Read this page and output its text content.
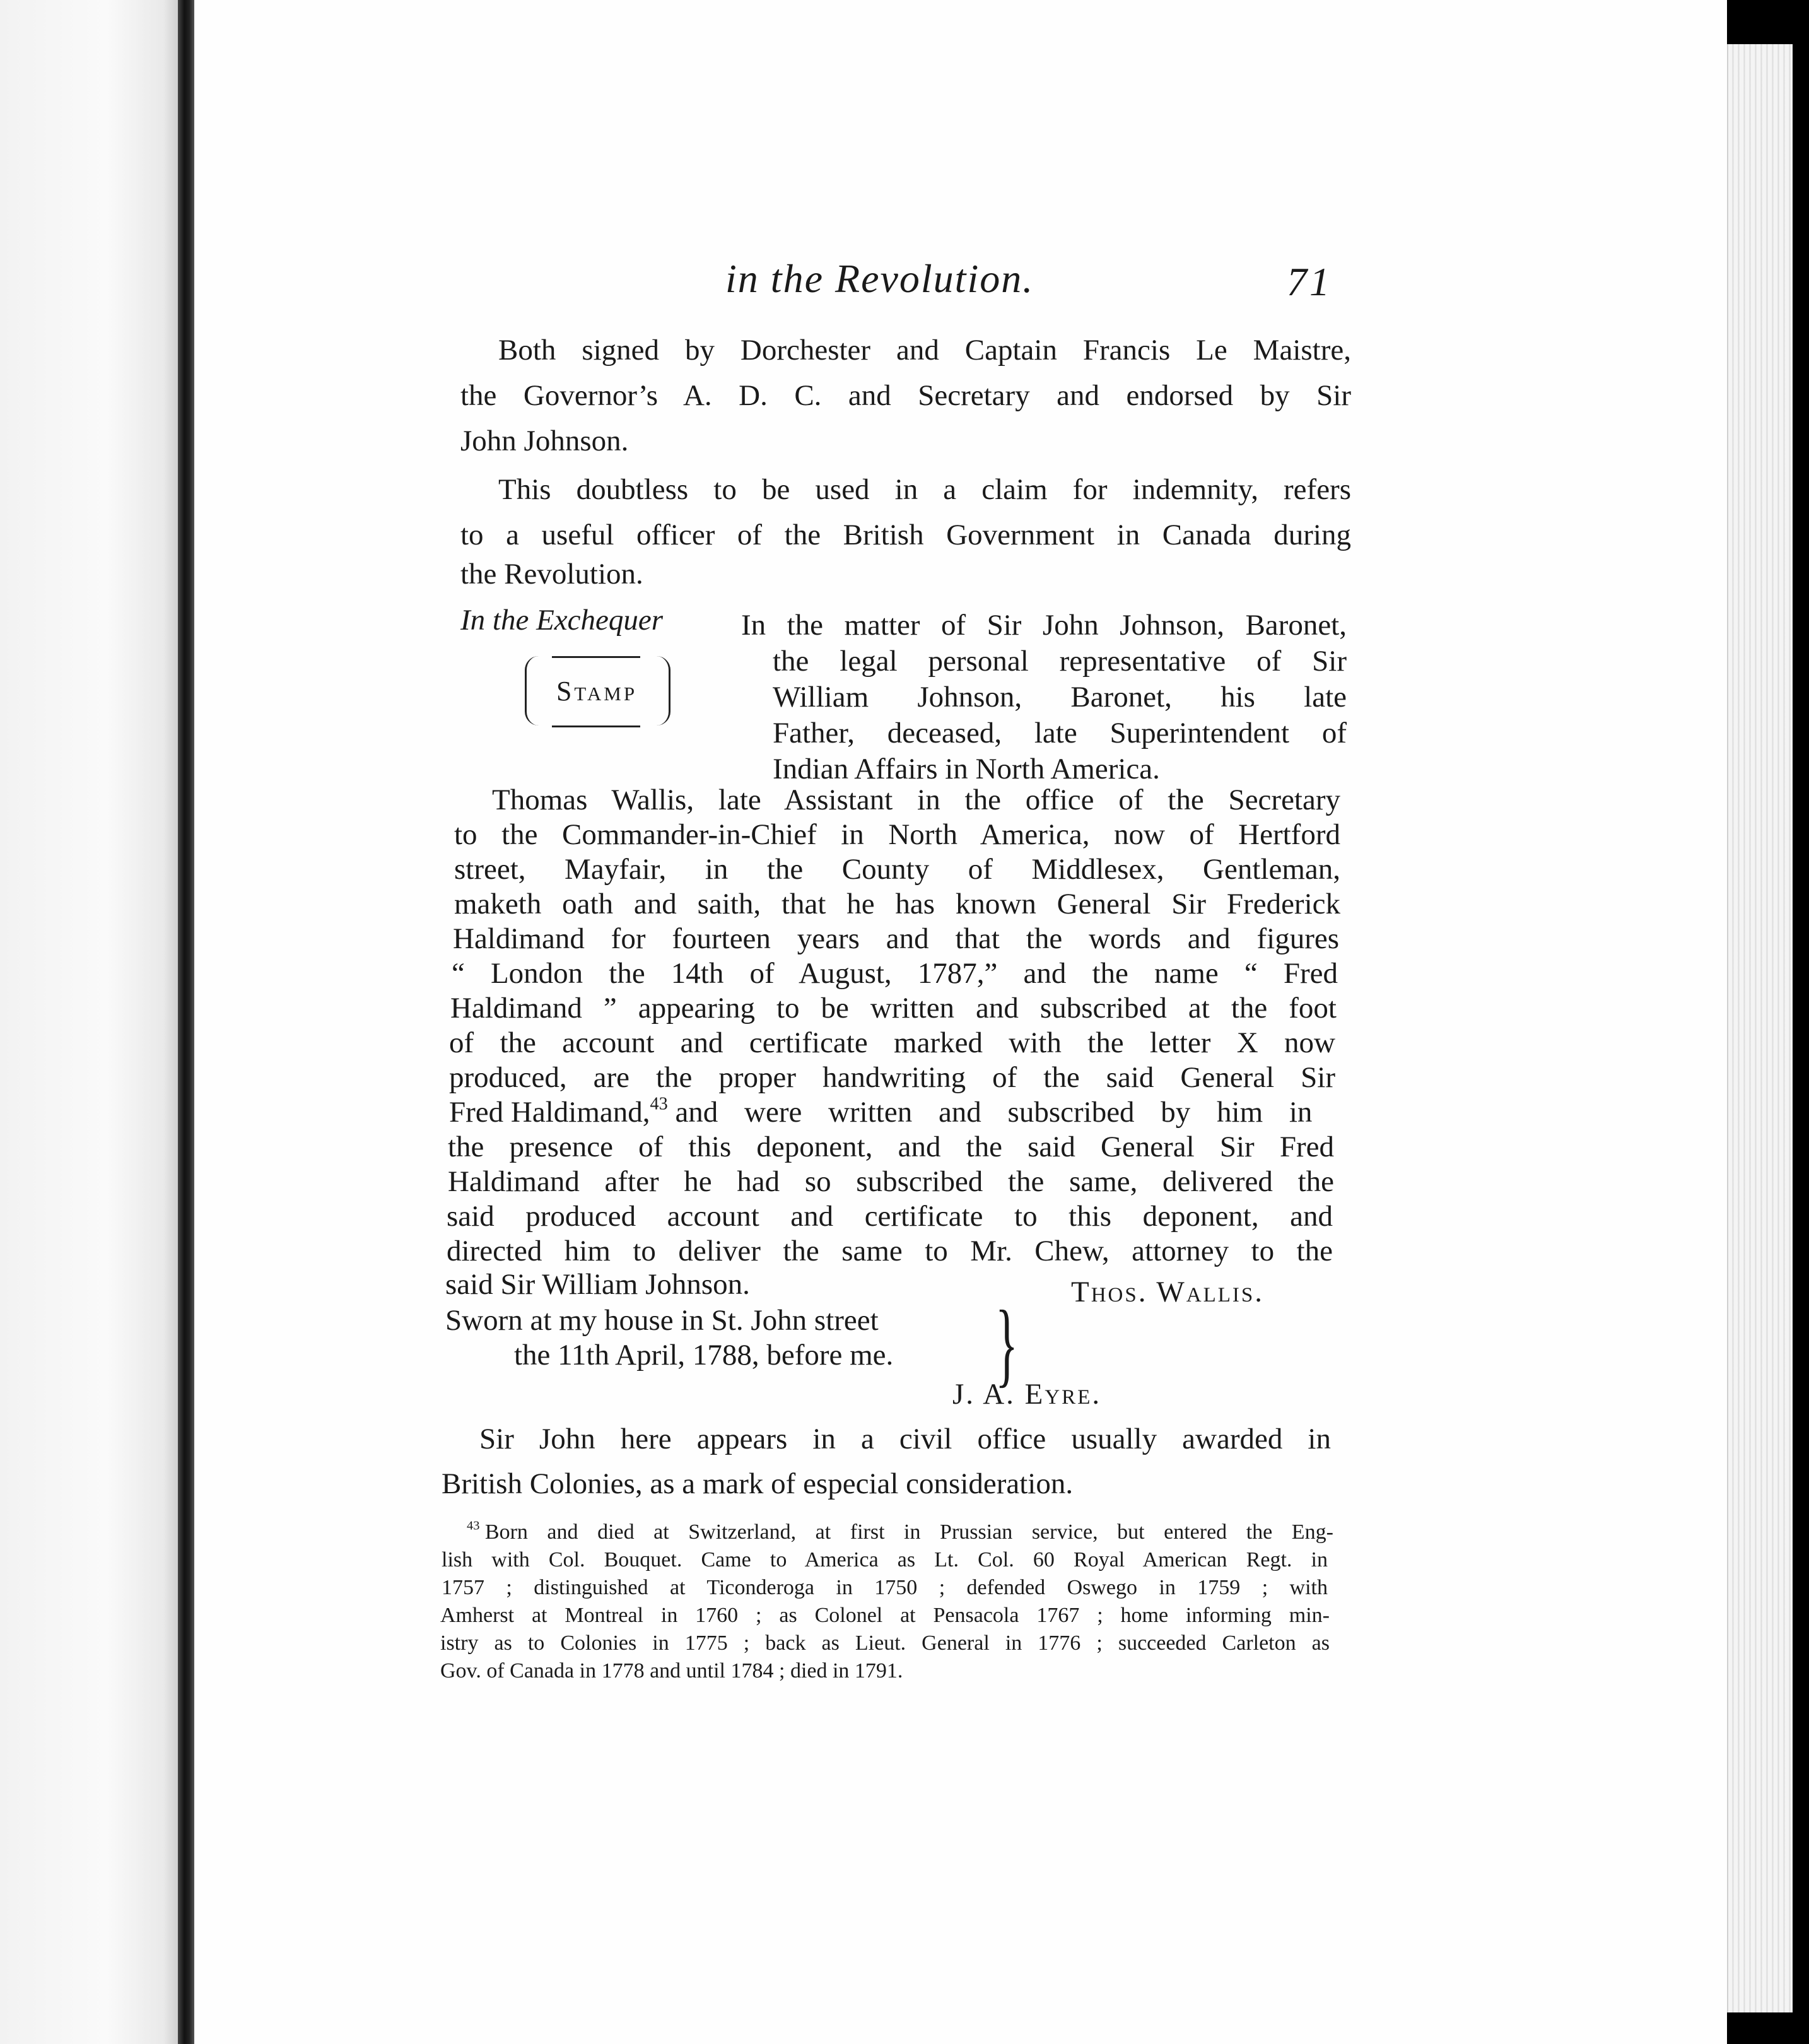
in the Revolution.	71
Both signed by Dorchester and Captain Francis Le Maistre,
the Governor’s A. D. C. and Secretary and endorsed by Sir
John Johnson.
This doubtless to be used in a claim for indemnity, refers
to a useful officer of the British Government in Canada during
the Revolution.
In the Exchequer
Stamp
In the matter of Sir John Johnson, Baronet,
the legal personal representative of Sir
William Johnson, Baronet, his late
Father, deceased, late Superintendent of
Indian Affairs in North America.
Thomas Wallis, late Assistant in the office of the Secretary
to the Commander-in-Chief in North America, now of Hertford
street, Mayfair, in the County of Middlesex, Gentleman,
maketh oath and saith, that he has known General Sir Frederick
Haldimand for fourteen years and that the words and figures
“ London the 14th of August, 1787,” and the name “ Fred
Haldimand ” appearing to be written and subscribed at the foot
of the account and certificate marked with the letter X now
produced, are the proper handwriting of the said General Sir
Fred Haldimand,$^{43}$ and were written and subscribed by him in
the presence of this deponent, and the said General Sir Fred
Haldimand after he had so subscribed the same, delivered the
said produced account and certificate to this deponent, and
directed him to deliver the same to Mr. Chew, attorney to the
said Sir William Johnson.	Thos. Wallis.
Sworn at my house in St. John street
the 11th April, 1788, before me. }
J. A. Eyre.
Sir John here appears in a civil office usually awarded in
British Colonies, as a mark of especial consideration.
$^{43}$ Born and died at Switzerland, at first in Prussian service, but entered the Eng-
lish with Col. Bouquet. Came to America as Lt. Col. 60 Royal American Regt. in
1757 ; distinguished at Ticonderoga in 1750 ; defended Oswego in 1759 ; with
Amherst at Montreal in 1760 ; as Colonel at Pensacola 1767 ; home informing min-
istry as to Colonies in 1775 ; back as Lieut. General in 1776 ; succeeded Carleton as
Gov. of Canada in 1778 and until 1784 ; died in 1791.
